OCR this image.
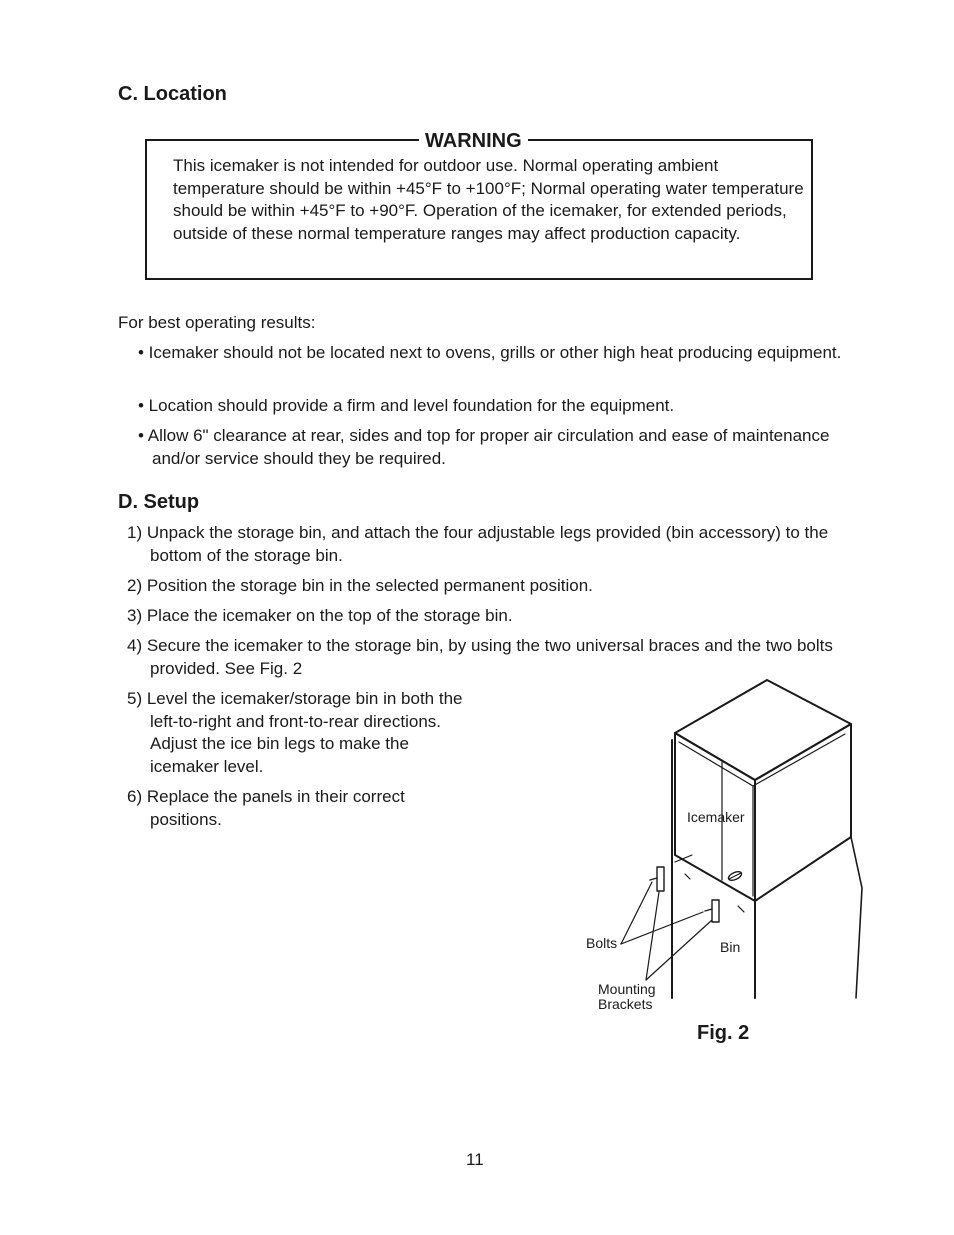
C. Location
WARNING
This icemaker is not intended for outdoor use. Normal operating ambient temperature should be within +45°F to +100°F; Normal operating water temperature should be within +45°F to +90°F. Operation of the icemaker, for extended periods, outside of these normal temperature ranges may affect production capacity.
For best operating results:
• Icemaker should not be located next to ovens, grills or other high heat producing equipment.
• Location should provide a firm and level foundation for the equipment.
• Allow 6" clearance at rear, sides and top for proper air circulation and ease of maintenance and/or service should they be required.
D. Setup
1) Unpack the storage bin, and attach the four adjustable legs provided (bin accessory) to the bottom of the storage bin.
2) Position the storage bin in the selected permanent position.
3) Place the icemaker on the top of the storage bin.
4) Secure the icemaker to the storage bin, by using the two universal braces and the two bolts provided. See Fig. 2
5) Level the icemaker/storage bin in both the left-to-right and front-to-rear directions. Adjust the ice bin legs to make the icemaker level.
6) Replace the panels in their correct positions.	Icemaker
Bolts	Bin
Mounting
Brackets
Fig. 2
11
